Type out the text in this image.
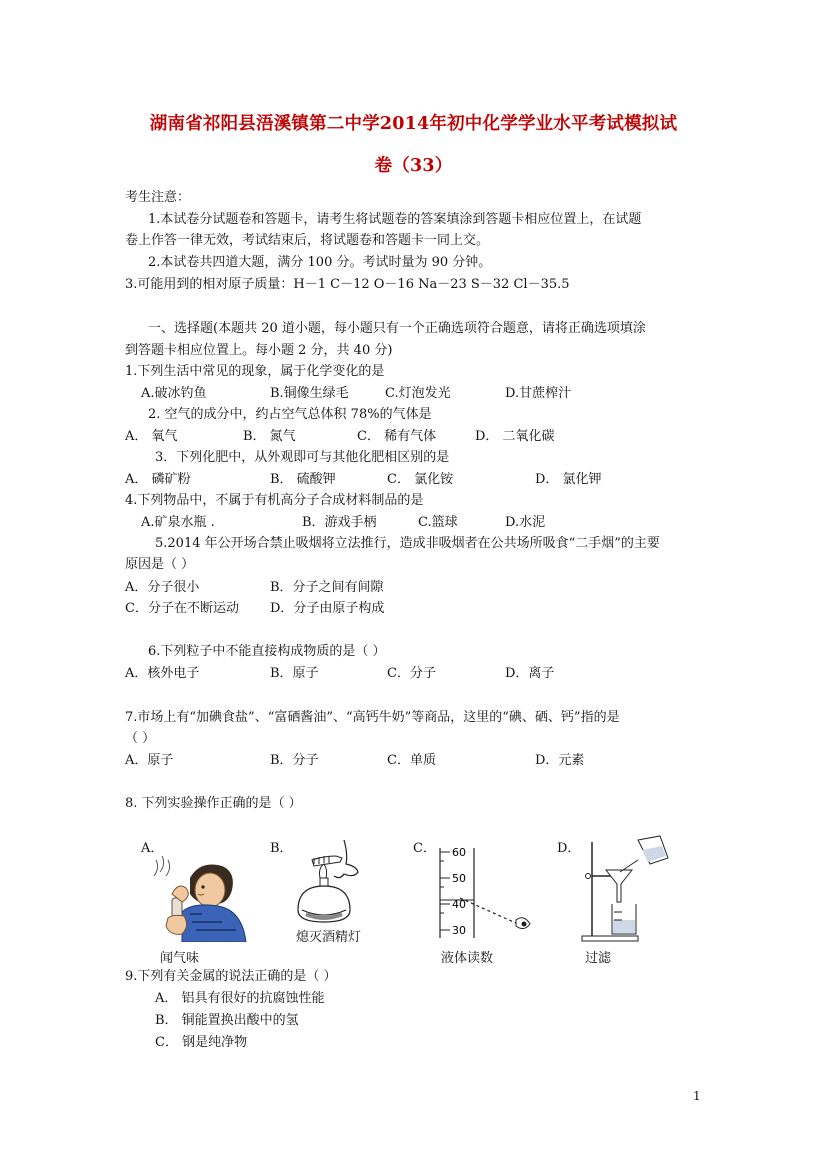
湖南省祁阳县浯溪镇第二中学2014年初中化学学业水平考试模拟试
卷（33）
考生注意：
1.本试卷分试题卷和答题卡，请考生将试题卷的答案填涂到答题卡相应位置上，在试题
卷上作答一律无效，考试结束后，将试题卷和答题卡一同上交。
2.本试卷共四道大题，满分 100 分。考试时量为 90 分钟。
3.可能用到的相对原子质量：H－1 C－12 O－16 Na－23 S－32 Cl－35.5
一、选择题(本题共 20 道小题，每小题只有一个正确选项符合题意，请将正确选项填涂
到答题卡相应位置上。每小题 2 分，共 40 分)
1.下列生活中常见的现象，属于化学变化的是
A.破冰钓鱼	B.铜像生绿毛	C.灯泡发光	D.甘蔗榨汁
2. 空气的成分中，约占空气总体积 78%的气体是
A． 氧气	B． 氮气	C． 稀有气体	D． 二氧化碳
3．下列化肥中，从外观即可与其他化肥相区别的是
A． 磷矿粉	B． 硫酸钾	C． 氯化铵	D． 氯化钾
4.下列物品中，不属于有机高分子合成材料制品的是
A.矿泉水瓶 .	B．游戏手柄	C.篮球	D.水泥
5.2014 年公开场合禁止吸烟将立法推行，造成非吸烟者在公共场所吸食“二手烟”的主要
原因是（ ）
A．分子很小	B．分子之间有间隙
C．分子在不断运动 D．分子由原子构成
6.下列粒子中不能直接构成物质的是（ ）
A．核外电子	B．原子	C．分子	D．离子
7.市场上有“加碘食盐”、“富硒酱油”、“高钙牛奶”等商品，这里的“碘、硒、钙”指的是
（ ）
A．原子	B．分子	C．单质	D．元素
8. 下列实验操作正确的是（ ）
A．	B．	C．	D．
闻气味
熄灭酒精灯
60
50
40
30
液体读数	过滤
9.下列有关金属的说法正确的是（ ）
A． 铝具有很好的抗腐蚀性能
B． 铜能置换出酸中的氢
C． 钢是纯净物
1
